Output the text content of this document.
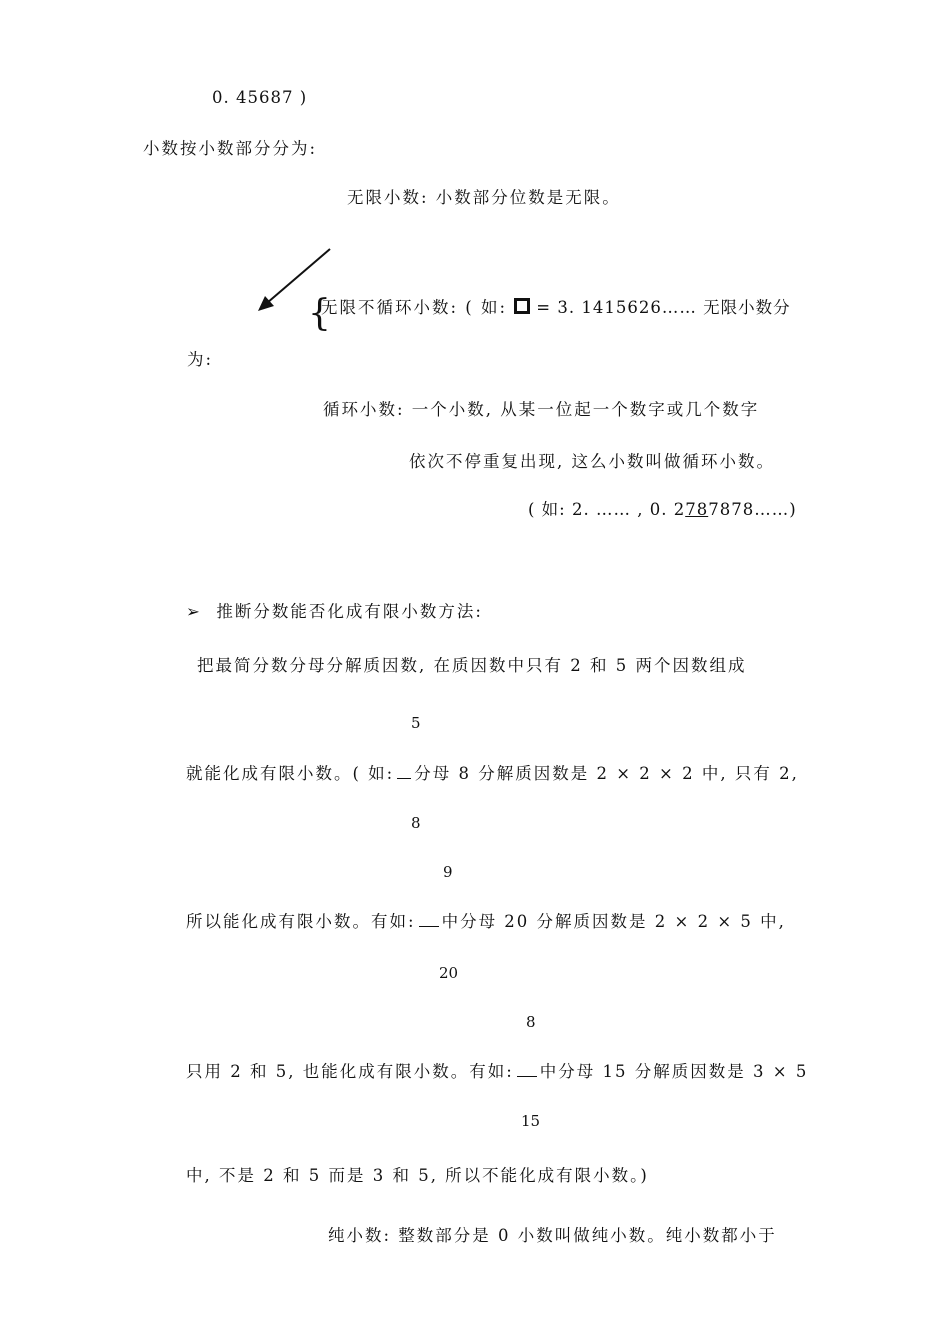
0. 45687 )
小数按小数部分分为:
无限小数: 小数部分位数是无限。
{
无限不循环小数: ( 如: = 3. 1415626…… 无限小数分
为:
循环小数: 一个小数, 从某一位起一个数字或几个数字
依次不停重复出现, 这么小数叫做循环小数。
( 如: 2. …… , 0. 2787878……)
➢ 推断分数能否化成有限小数方法:
把最简分数分母分解质因数, 在质因数中只有 2 和 5 两个因数组成
5
就能化成有限小数。( 如: 分母 8 分解质因数是 2 × 2 × 2 中, 只有 2,
8
9
所以能化成有限小数。有如: 中分母 20 分解质因数是 2 × 2 × 5 中,
20
8
只用 2 和 5, 也能化成有限小数。有如: 中分母 15 分解质因数是 3 × 5
15
中, 不是 2 和 5 而是 3 和 5, 所以不能化成有限小数。)
纯小数: 整数部分是 0 小数叫做纯小数。纯小数都小于
